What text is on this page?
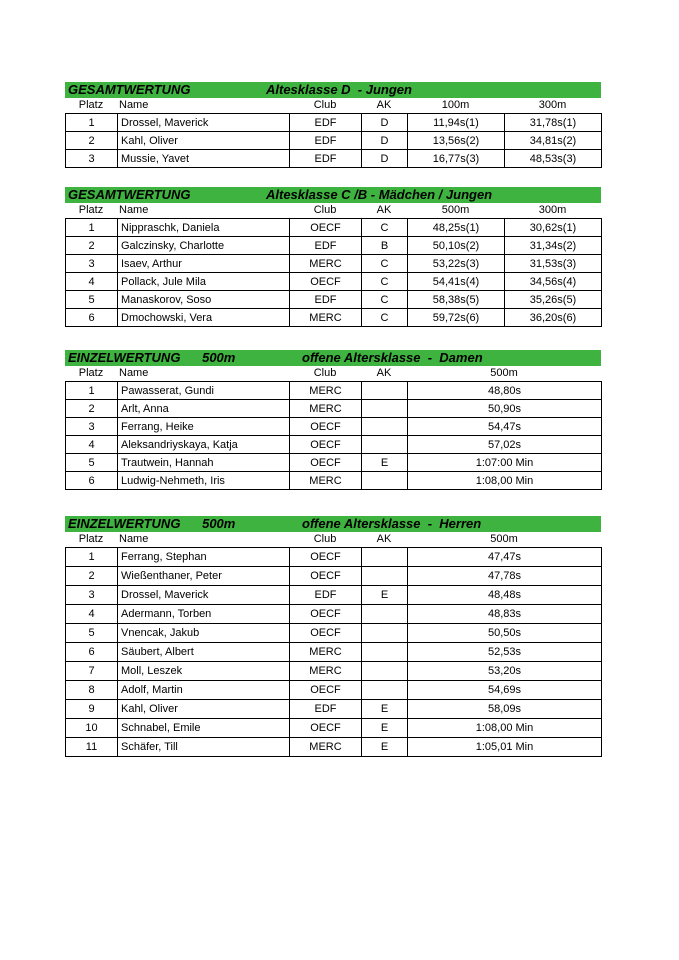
GESAMTWERTUNG	Altesklasse D  - Jungen
Platz	Name	Club	AK	100m	300m
1	Drossel, Maverick	EDF	D	11,94s(1)	31,78s(1)
2	Kahl, Oliver	EDF	D	13,56s(2)	34,81s(2)
3	Mussie, Yavet	EDF	D	16,77s(3)	48,53s(3)
GESAMTWERTUNG	Altesklasse C /B - Mädchen / Jungen
Platz	Name	Club	AK	500m	300m
1	Nippraschk, Daniela	OECF	C	48,25s(1)	30,62s(1)
2	Galczinsky, Charlotte	EDF	B	50,10s(2)	31,34s(2)
3	Isaev, Arthur	MERC	C	53,22s(3)	31,53s(3)
4	Pollack, Jule Mila	OECF	C	54,41s(4)	34,56s(4)
5	Manaskorov, Soso	EDF	C	58,38s(5)	35,26s(5)
6	Dmochowski, Vera	MERC	C	59,72s(6)	36,20s(6)
EINZELWERTUNG      500m	offene Altersklasse  -  Damen
Platz	Name	Club	AK	500m
1	Pawasserat, Gundi	MERC		48,80s
2	Arlt, Anna	MERC		50,90s
3	Ferrang, Heike	OECF		54,47s
4	Aleksandriyskaya, Katja	OECF		57,02s
5	Trautwein, Hannah	OECF	E	1:07:00 Min
6	Ludwig-Nehmeth, Iris	MERC		1:08,00 Min
EINZELWERTUNG      500m	offene Altersklasse  -  Herren
Platz	Name	Club	AK	500m
1	Ferrang, Stephan	OECF		47,47s
2	Wießenthaner, Peter	OECF		47,78s
3	Drossel, Maverick	EDF	E	48,48s
4	Adermann, Torben	OECF		48,83s
5	Vnencak, Jakub	OECF		50,50s
6	Säubert, Albert	MERC		52,53s
7	Moll, Leszek	MERC		53,20s
8	Adolf, Martin	OECF		54,69s
9	Kahl, Oliver	EDF	E	58,09s
10	Schnabel, Emile	OECF	E	1:08,00 Min
11	Schäfer, Till	MERC	E	1:05,01 Min
